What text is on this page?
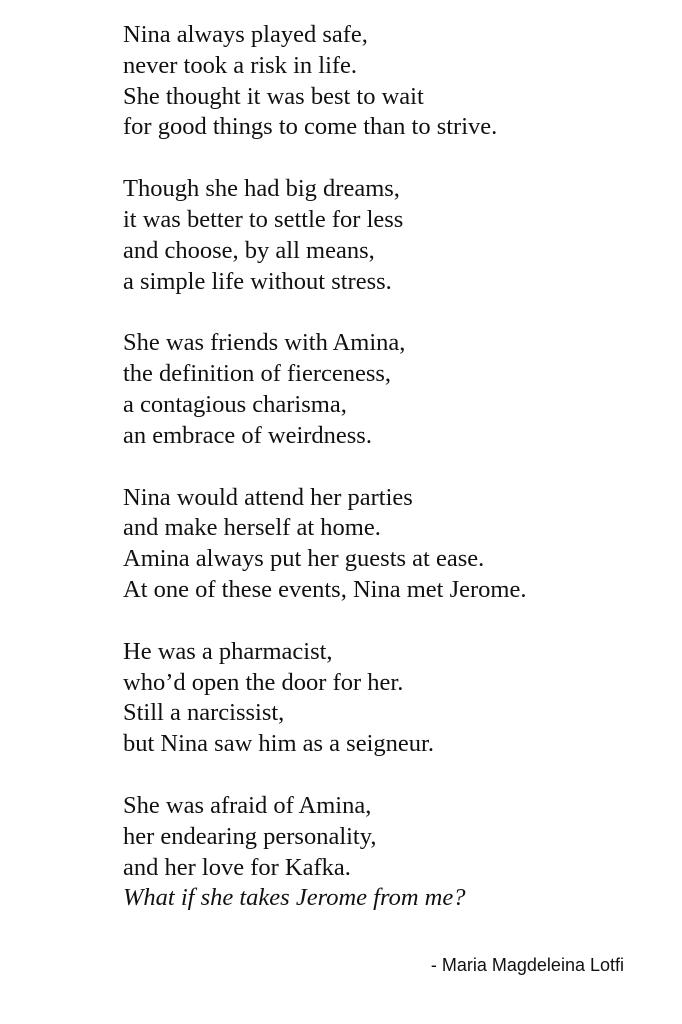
Nina always played safe,
never took a risk in life.
She thought it was best to wait
for good things to come than to strive.
Though she had big dreams,
it was better to settle for less
and choose, by all means,
a simple life without stress.
She was friends with Amina,
the definition of fierceness,
a contagious charisma,
an embrace of weirdness.
Nina would attend her parties
and make herself at home.
Amina always put her guests at ease.
At one of these events, Nina met Jerome.
He was a pharmacist,
who’d open the door for her.
Still a narcissist,
but Nina saw him as a seigneur.
She was afraid of Amina,
her endearing personality,
and her love for Kafka.
What if she takes Jerome from me?
- Maria Magdeleina Lotfi
